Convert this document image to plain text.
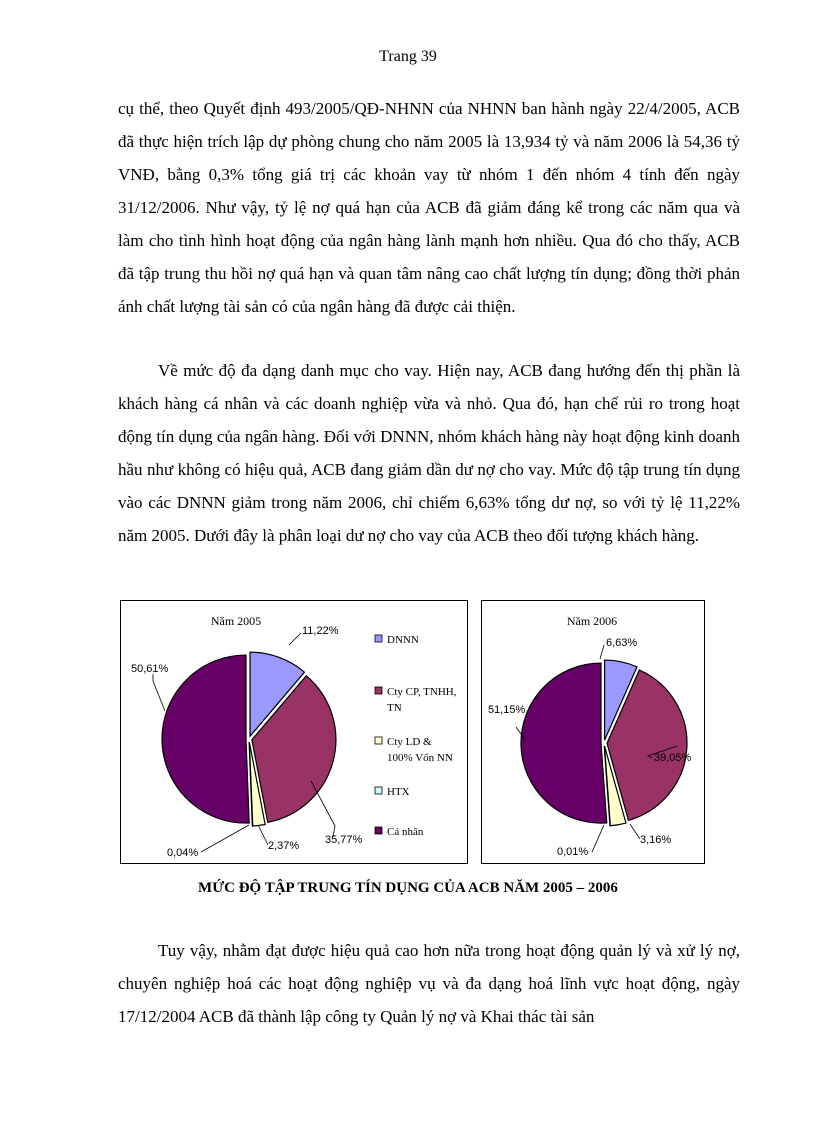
Trang 39

cụ thể, theo Quyết định 493/2005/QĐ-NHNN của NHNN ban hành ngày 22/4/2005, ACB đã thực hiện trích lập dự phòng chung cho năm 2005 là 13,934 tỷ và năm 2006 là 54,36 tỷ VNĐ, bằng 0,3% tổng giá trị các khoản vay từ nhóm 1 đến nhóm 4 tính đến ngày 31/12/2006. Như vậy, tỷ lệ nợ quá hạn của ACB đã giảm đáng kể trong các năm qua và làm cho tình hình hoạt động của ngân hàng lành mạnh hơn nhiều. Qua đó cho thấy, ACB đã tập trung thu hồi nợ quá hạn và quan tâm nâng cao chất lượng tín dụng; đồng thời phản ánh chất lượng tài sản có của ngân hàng đã được cải thiện.

Về mức độ đa dạng danh mục cho vay. Hiện nay, ACB đang hướng đến thị phần là khách hàng cá nhân và các doanh nghiệp vừa và nhỏ. Qua đó, hạn chế rủi ro trong hoạt động tín dụng của ngân hàng. Đối với DNNN, nhóm khách hàng này hoạt động kinh doanh hầu như không có hiệu quả, ACB đang giảm dần dư nợ cho vay. Mức độ tập trung tín dụng vào các DNNN giảm trong năm 2006, chỉ chiếm 6,63% tổng dư nợ, so với tỷ lệ 11,22% năm 2005. Dưới đây là phân loại dư nợ cho vay của ACB theo đối tượng khách hàng.

Năm 2005
11,22%
35,77%
2,37%
0,04%
50,61%
DNNN
Cty CP, TNHH,
TN
Cty LD &
100% Vốn NN
HTX
Cá nhân
Năm 2006
6,63%
39,05%
3,16%
0,01%
51,15%
MỨC ĐỘ TẬP TRUNG TÍN DỤNG CỦA ACB NĂM 2005 – 2006

Tuy vậy, nhằm đạt được hiệu quả cao hơn nữa trong hoạt động quản lý và xử lý nợ, chuyên nghiệp hoá các hoạt động nghiệp vụ và đa dạng hoá lĩnh vực hoạt động, ngày 17/12/2004 ACB đã thành lập công ty Quản lý nợ và Khai thác tài sản
